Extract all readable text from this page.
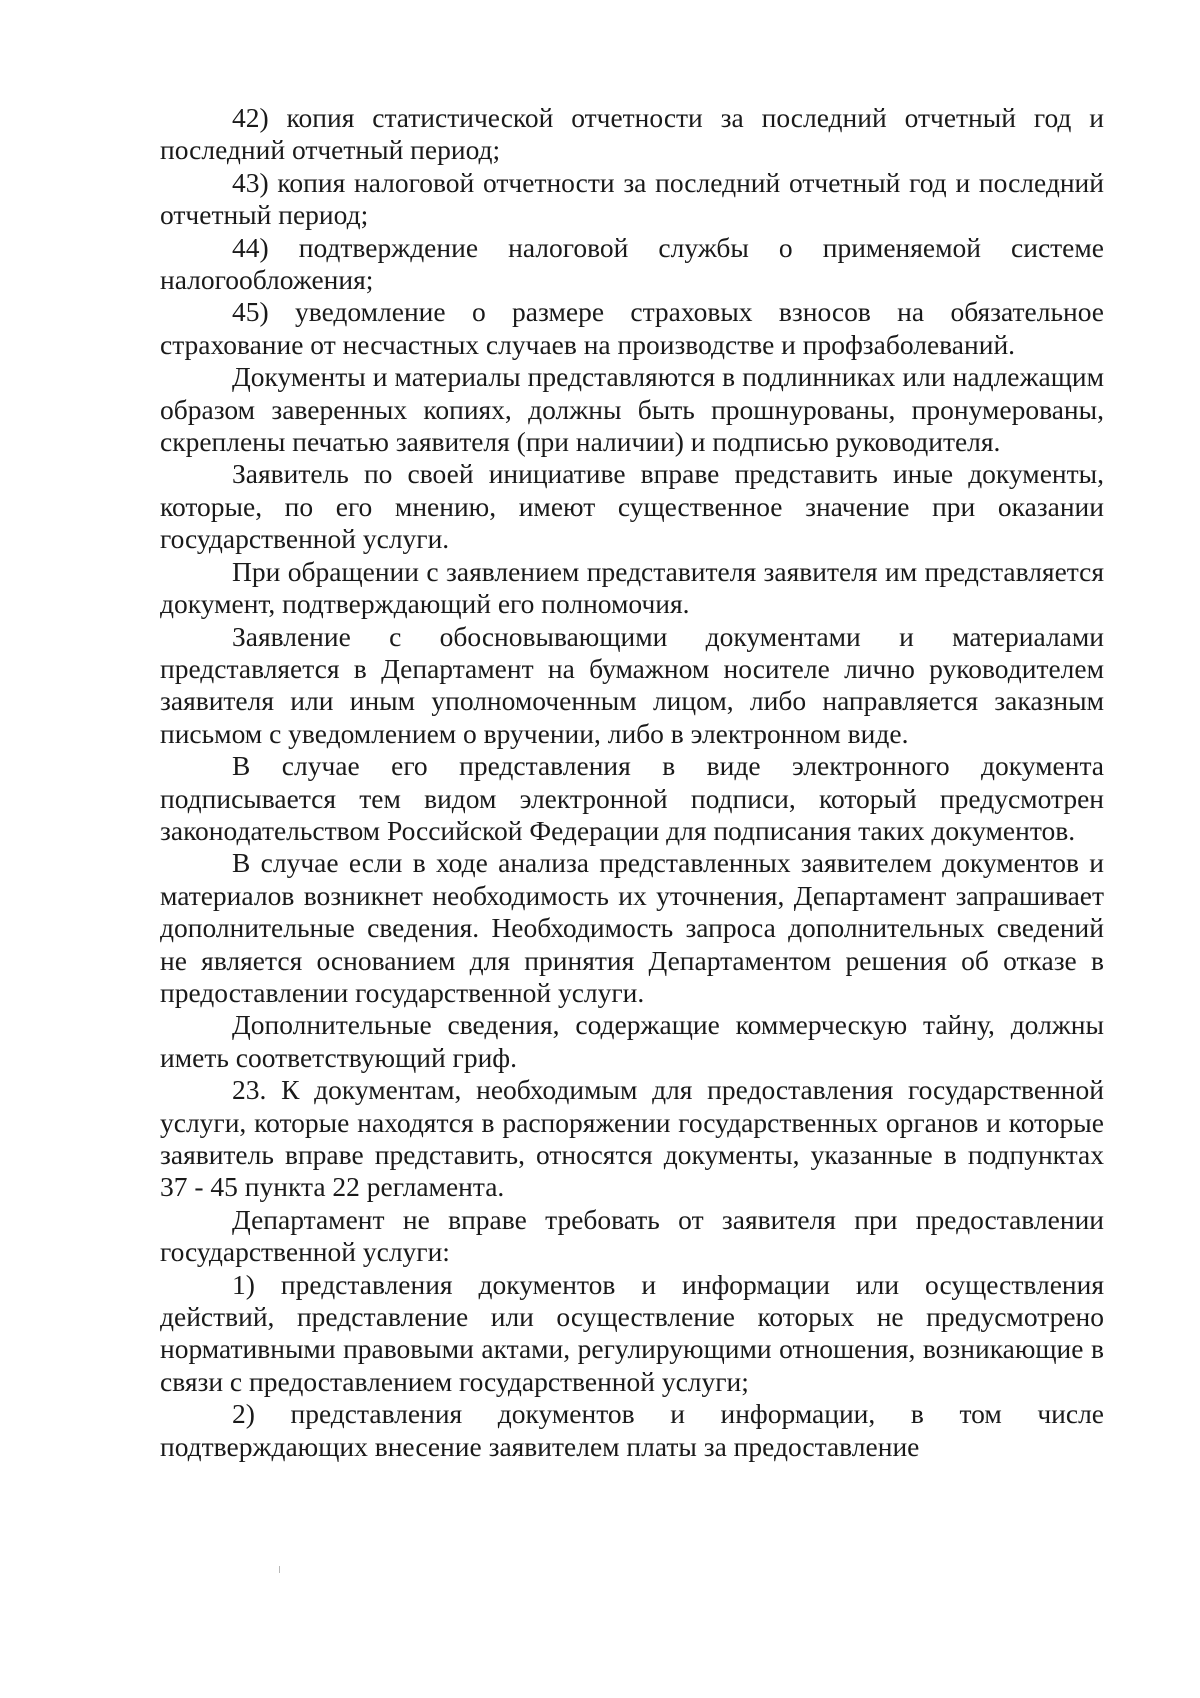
42) копия статистической отчетности за последний отчетный год и последний отчетный период;

43) копия налоговой отчетности за последний отчетный год и последний отчетный период;

44) подтверждение налоговой службы о применяемой системе налогообложения;

45) уведомление о размере страховых взносов на обязательное страхование от несчастных случаев на производстве и профзаболеваний.

Документы и материалы представляются в подлинниках или надлежащим образом заверенных копиях, должны быть прошнурованы, пронумерованы, скреплены печатью заявителя (при наличии) и подписью руководителя.

Заявитель по своей инициативе вправе представить иные документы, которые, по его мнению, имеют существенное значение при оказании государственной услуги.

При обращении с заявлением представителя заявителя им представляется документ, подтверждающий его полномочия.

Заявление с обосновывающими документами и материалами представляется в Департамент на бумажном носителе лично руководителем заявителя или иным уполномоченным лицом, либо направляется заказным письмом с уведомлением о вручении, либо в электронном виде.

В случае его представления в виде электронного документа подписывается тем видом электронной подписи, который предусмотрен законодательством Российской Федерации для подписания таких документов.

В случае если в ходе анализа представленных заявителем документов и материалов возникнет необходимость их уточнения, Департамент запрашивает дополнительные сведения. Необходимость запроса дополнительных сведений не является основанием для принятия Департаментом решения об отказе в предоставлении государственной услуги.

Дополнительные сведения, содержащие коммерческую тайну, должны иметь соответствующий гриф.

23. К документам, необходимым для предоставления государственной услуги, которые находятся в распоряжении государственных органов и которые заявитель вправе представить, относятся документы, указанные в подпунктах 37 - 45 пункта 22 регламента.

Департамент не вправе требовать от заявителя при предоставлении государственной услуги:

1) представления документов и информации или осуществления действий, представление или осуществление которых не предусмотрено нормативными правовыми актами, регулирующими отношения, возникающие в связи с предоставлением государственной услуги;

2) представления документов и информации, в том числе подтверждающих внесение заявителем платы за предоставление
